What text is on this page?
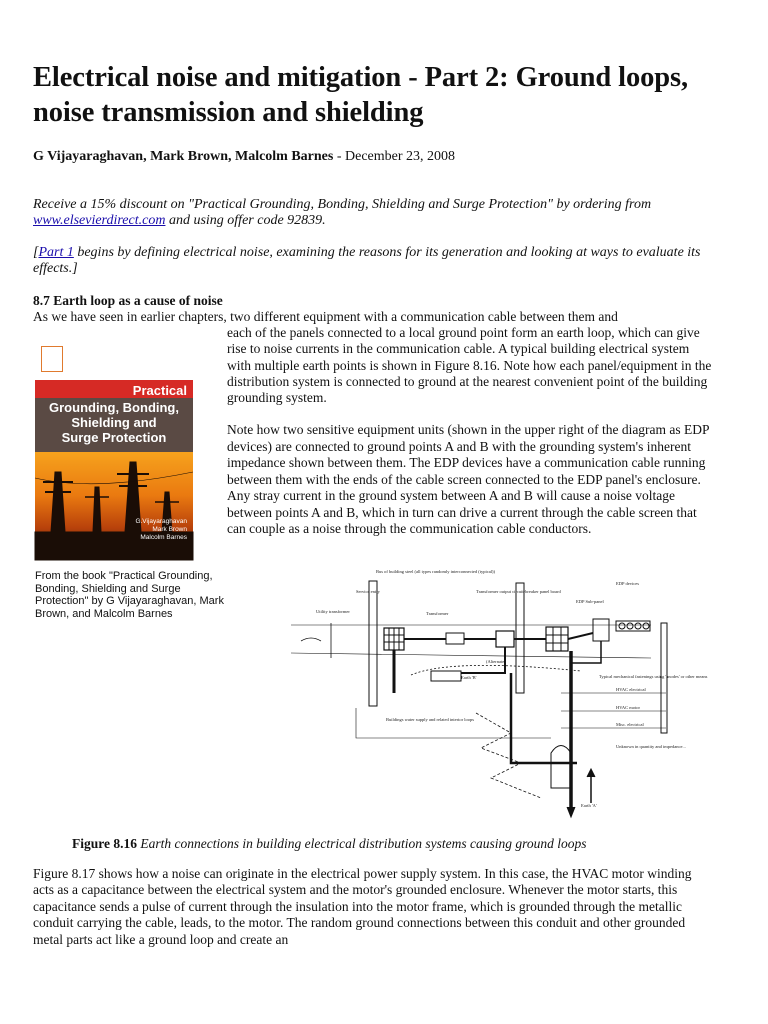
Electrical noise and mitigation - Part 2: Ground loops, noise transmission and shielding
G Vijayaraghavan, Mark Brown, Malcolm Barnes - December 23, 2008
Receive a 15% discount on "Practical Grounding, Bonding, Shielding and Surge Protection" by ordering from www.elsevierdirect.com and using offer code 92839.
[Part 1 begins by defining electrical noise, examining the reasons for its generation and looking at ways to evaluate its effects.]
8.7 Earth loop as a cause of noise
As we have seen in earlier chapters, two different equipment with a communication cable between them and
each of the panels connected to a local ground point form an earth loop, which can give rise to noise currents in the communication cable. A typical building electrical system with multiple earth points is shown in Figure 8.16. Note how each panel/equipment in the distribution system is connected to ground at the nearest convenient point of the building grounding system.
Note how two sensitive equipment units (shown in the upper right of the diagram as EDP devices) are connected to ground points A and B with the grounding system's inherent impedance shown between them. The EDP devices have a communication cable running between them with the ends of the cable screen connected to the EDP panel's enclosure. Any stray current in the ground system between A and B will cause a noise voltage between points A and B, which in turn can drive a current through the cable screen that can couple as a noise through the communication cable conductors.
Practical
Grounding, Bonding,
Shielding and
Surge Protection
G.Vijayaraghavan
Mark Brown
Malcolm Barnes
From the book "Practical Grounding, Bonding, Shielding and Surge Protection" by G Vijayaraghavan, Mark Brown, and Malcolm Barnes
Bus of building steel (all types randomly interconnected (typical))
Service entry
Utility transformer	Transformer
Transformer output circuit-breaker panel board
EDP Sub-panel
EDP devices
Earth 'B'
(Alternate)
Typical mechanical fastenings using 'anodes' or other means
HVAC electrical
HVAC motor
Misc. electrical
Buildings water supply and related interior loops
Unknown in quantity and impedance...
Earth 'A'
Figure 8.16 Earth connections in building electrical distribution systems causing ground loops
Figure 8.17 shows how a noise can originate in the electrical power supply system. In this case, the HVAC motor winding acts as a capacitance between the electrical system and the motor's grounded enclosure. Whenever the motor starts, this capacitance sends a pulse of current through the insulation into the motor frame, which is grounded through the metallic conduit carrying the cable, leads, to the motor. The random ground connections between this conduit and other grounded metal parts act like a ground loop and create an
